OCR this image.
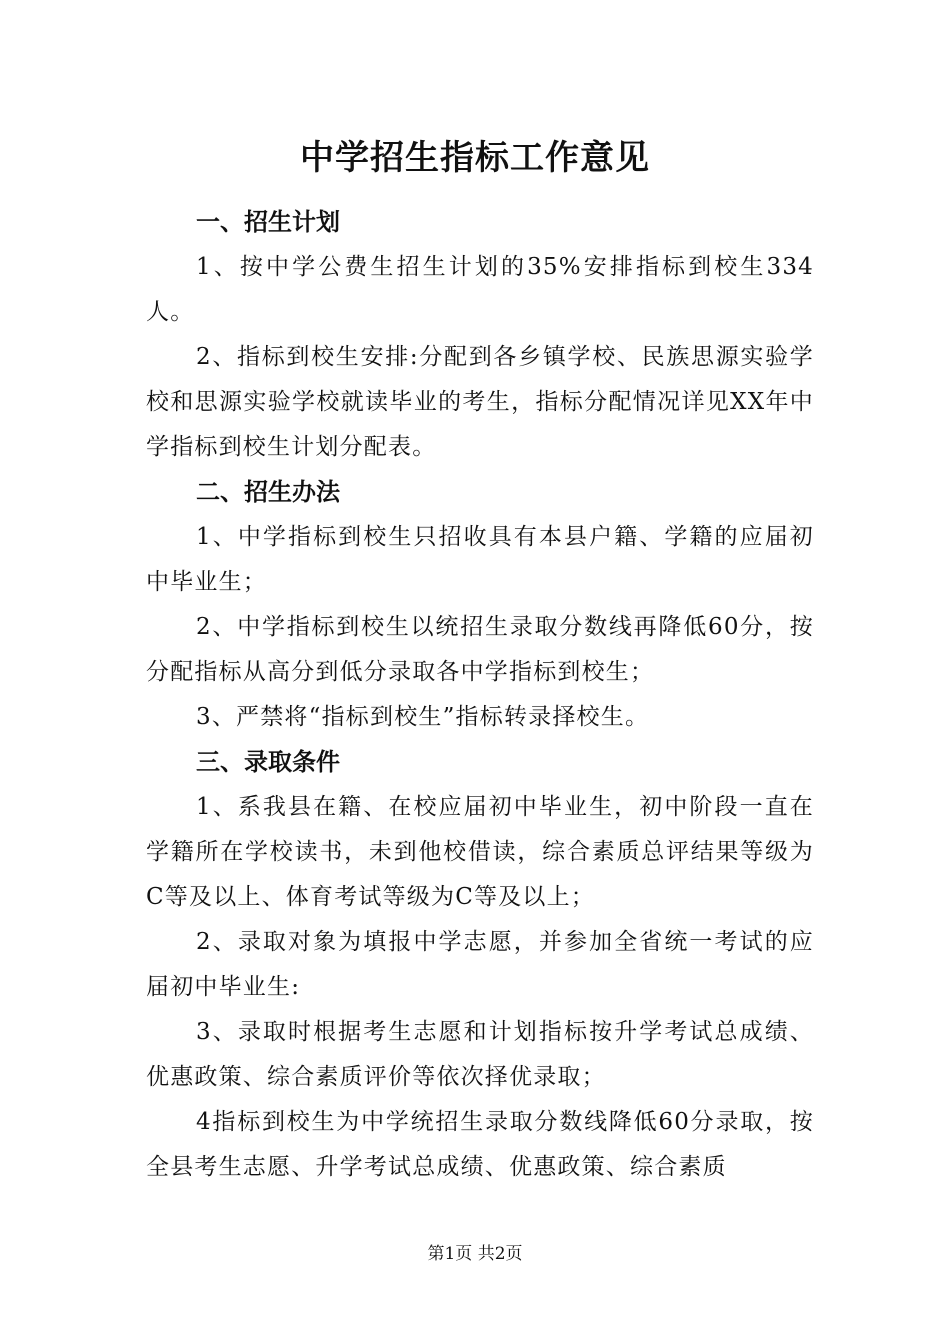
中学招生指标工作意见

一、招生计划

1、按中学公费生招生计划的35%安排指标到校生334人。

2、指标到校生安排:分配到各乡镇学校、民族思源实验学校和思源实验学校就读毕业的考生，指标分配情况详见XX年中学指标到校生计划分配表。

二、招生办法

1、中学指标到校生只招收具有本县户籍、学籍的应届初中毕业生；

2、中学指标到校生以统招生录取分数线再降低60分，按分配指标从高分到低分录取各中学指标到校生；

3、严禁将“指标到校生”指标转录择校生。

三、录取条件

1、系我县在籍、在校应届初中毕业生，初中阶段一直在学籍所在学校读书，未到他校借读，综合素质总评结果等级为C等及以上、体育考试等级为C等及以上；

2、录取对象为填报中学志愿，并参加全省统一考试的应届初中毕业生:

3、录取时根据考生志愿和计划指标按升学考试总成绩、优惠政策、综合素质评价等依次择优录取；

4指标到校生为中学统招生录取分数线降低60分录取，按全县考生志愿、升学考试总成绩、优惠政策、综合素质

第1页 共2页
